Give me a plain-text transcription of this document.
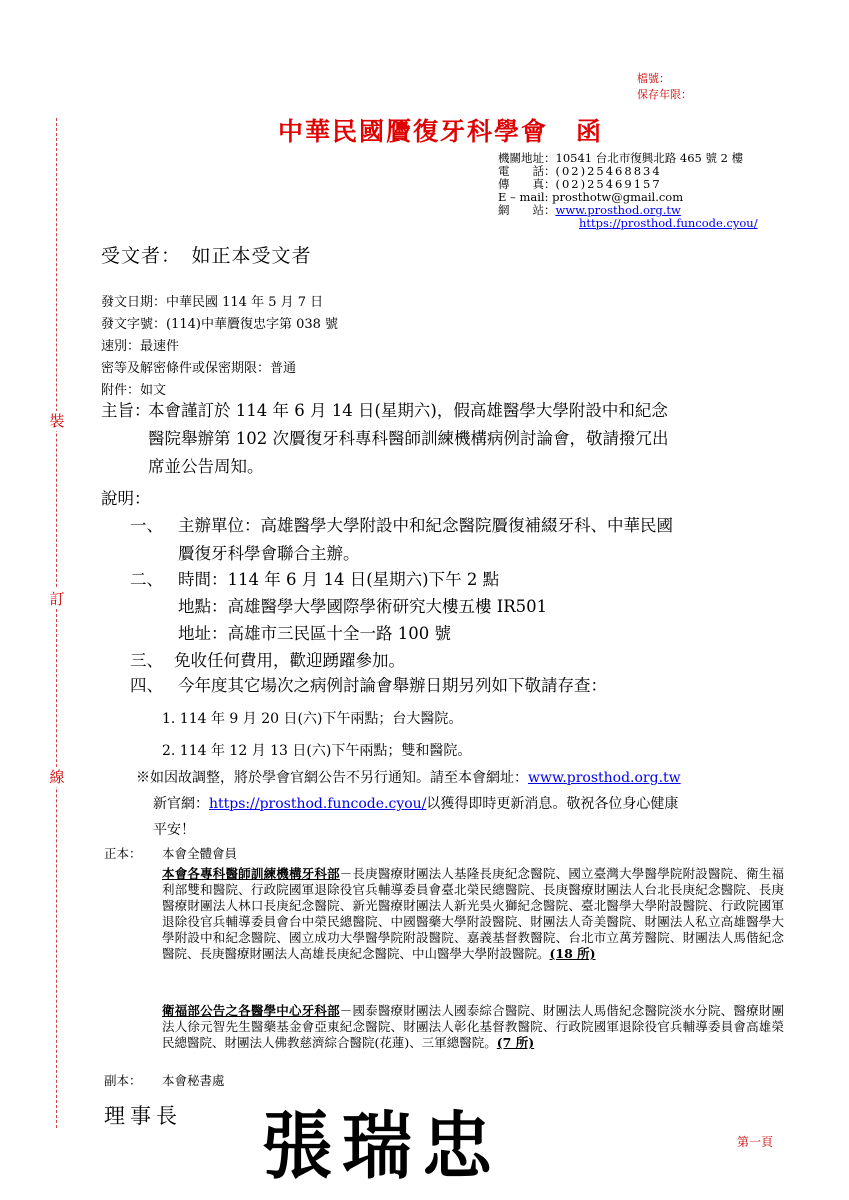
裝
訂
線
檔號：
保存年限：
中華民國贗復牙科學會 函
機關地址：10541 台北市復興北路 465 號 2 樓
電　　話：(02)25468834
傳　　真：(02)25469157
E – mail: prosthotw@gmail.com
網　　站：www.prosthod.org.tw
https://prosthod.funcode.cyou/
受文者：　如正本受文者
發文日期：中華民國 114 年 5 月 7 日
發文字號：(114)中華贗復忠字第 038 號
速別：最速件
密等及解密條件或保密期限：普通
附件：如文
主旨：
本會謹訂於 114 年 6 月 14 日(星期六)，假高雄醫學大學附設中和紀念
醫院舉辦第 102 次贗復牙科專科醫師訓練機構病例討論會，敬請撥冗出
席並公告周知。
說明：
一、 主辦單位：高雄醫學大學附設中和紀念醫院贗復補綴牙科、中華民國
贗復牙科學會聯合主辦。
二、 時間：114 年 6 月 14 日(星期六)下午 2 點
地點：高雄醫學大學國際學術研究大樓五樓 IR501
地址：高雄市三民區十全一路 100 號
三、 免收任何費用，歡迎踴躍參加。
四、 今年度其它場次之病例討論會舉辦日期另列如下敬請存查：
1. 114 年 9 月 20 日(六)下午兩點；台大醫院。
2. 114 年 12 月 13 日(六)下午兩點；雙和醫院。
※如因故調整，將於學會官網公告不另行通知。請至本會網址：www.prosthod.org.tw
新官網：https://prosthod.funcode.cyou/以獲得即時更新消息。敬祝各位身心健康
平安！
正本： 本會全體會員
本會各專科醫師訓練機構牙科部－長庚醫療財團法人基隆長庚紀念醫院、國立臺灣大學醫學院附設醫院、衛生福利部雙和醫院、行政院國軍退除役官兵輔導委員會臺北榮民總醫院、長庚醫療財團法人台北長庚紀念醫院、長庚醫療財團法人林口長庚紀念醫院、新光醫療財團法人新光吳火獅紀念醫院、臺北醫學大學附設醫院、行政院國軍退除役官兵輔導委員會台中榮民總醫院、中國醫藥大學附設醫院、財團法人奇美醫院、財團法人私立高雄醫學大學附設中和紀念醫院、國立成功大學醫學院附設醫院、嘉義基督教醫院、台北市立萬芳醫院、財團法人馬偕紀念醫院、長庚醫療財團法人高雄長庚紀念醫院、中山醫學大學附設醫院。(18 所)
衛福部公告之各醫學中心牙科部－國泰醫療財團法人國泰綜合醫院、財團法人馬偕紀念醫院淡水分院、醫療財團法人徐元智先生醫藥基金會亞東紀念醫院、財團法人彰化基督教醫院、行政院國軍退除役官兵輔導委員會高雄榮民總醫院、財團法人佛教慈濟綜合醫院(花蓮)、三軍總醫院。(7 所)
副本： 本會秘書處
理事長 張瑞忠	第一頁
